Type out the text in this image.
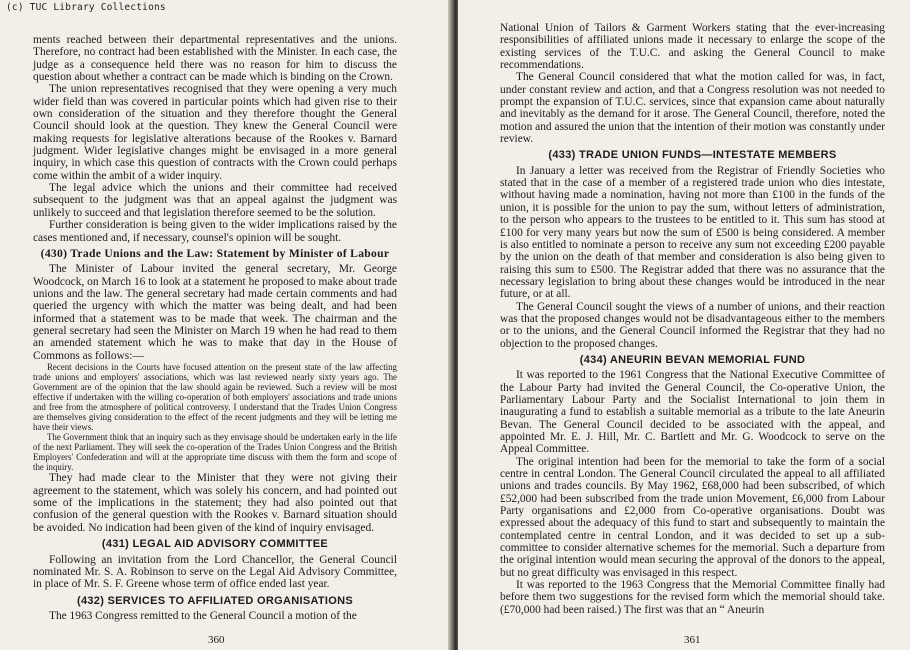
(c) TUC Library Collections

ments reached between their departmental representatives and the unions. Therefore, no contract had been established with the Minister. In each case, the judge as a consequence held there was no reason for him to discuss the question about whether a contract can be made which is binding on the Crown.

The union representatives recognised that they were opening a very much wider field than was covered in particular points which had given rise to their own consideration of the situation and they therefore thought the General Council should look at the question. They knew the General Council were making requests for legislative alterations because of the Rookes v. Barnard judgment. Wider legislative changes might be envisaged in a more general inquiry, in which case this question of contracts with the Crown could perhaps come within the ambit of a wider inquiry.

The legal advice which the unions and their committee had received subsequent to the judgment was that an appeal against the judgment was unlikely to succeed and that legislation therefore seemed to be the solution.

Further consideration is being given to the wider implications raised by the cases mentioned and, if necessary, counsel's opinion will be sought.

(430) Trade Unions and the Law: Statement by Minister of Labour

The Minister of Labour invited the general secretary, Mr. George Woodcock, on March 16 to look at a statement he proposed to make about trade unions and the law. The general secretary had made certain comments and had queried the urgency with which the matter was being dealt, and had been informed that a statement was to be made that week. The chairman and the general secretary had seen the Minister on March 19 when he had read to them an amended statement which he was to make that day in the House of Commons as follows:—

Recent decisions in the Courts have focused attention on the present state of the law affecting trade unions and employers' associations, which was last reviewed nearly sixty years ago. The Government are of the opinion that the law should again be reviewed. Such a review will be most effective if undertaken with the willing co-operation of both employers' associations and trade unions and free from the atmosphere of political controversy. I understand that the Trades Union Congress are themselves giving consideration to the effect of the recent judgments and they will be letting me have their views.

The Government think that an inquiry such as they envisage should be undertaken early in the life of the next Parliament. They will seek the co-operation of the Trades Union Congress and the British Employers' Confederation and will at the appropriate time discuss with them the form and scope of the inquiry.

They had made clear to the Minister that they were not giving their agreement to the statement, which was solely his concern, and had pointed out some of the implications in the statement; they had also pointed out that confusion of the general question with the Rookes v. Barnard situation should be avoided. No indication had been given of the kind of inquiry envisaged.

(431) LEGAL AID ADVISORY COMMITTEE

Following an invitation from the Lord Chancellor, the General Council nominated Mr. S. A. Robinson to serve on the Legal Aid Advisory Committee, in place of Mr. S. F. Greene whose term of office ended last year.

(432) SERVICES TO AFFILIATED ORGANISATIONS

The 1963 Congress remitted to the General Council a motion of the

360

National Union of Tailors & Garment Workers stating that the ever-increasing responsibilities of affiliated unions made it necessary to enlarge the scope of the existing services of the T.U.C. and asking the General Council to make recommendations.

The General Council considered that what the motion called for was, in fact, under constant review and action, and that a Congress resolution was not needed to prompt the expansion of T.U.C. services, since that expansion came about naturally and inevitably as the demand for it arose. The General Council, therefore, noted the motion and assured the union that the intention of their motion was constantly under review.

(433) TRADE UNION FUNDS—INTESTATE MEMBERS

In January a letter was received from the Registrar of Friendly Societies who stated that in the case of a member of a registered trade union who dies intestate, without having made a nomination, having not more than £100 in the funds of the union, it is possible for the union to pay the sum, without letters of administration, to the person who appears to the trustees to be entitled to it. This sum has stood at £100 for very many years but now the sum of £500 is being considered. A member is also entitled to nominate a person to receive any sum not exceeding £200 payable by the union on the death of that member and consideration is also being given to raising this sum to £500. The Registrar added that there was no assurance that the necessary legislation to bring about these changes would be introduced in the near future, or at all.

The General Council sought the views of a number of unions, and their reaction was that the proposed changes would not be disadvantageous either to the members or to the unions, and the General Council informed the Registrar that they had no objection to the proposed changes.

(434) ANEURIN BEVAN MEMORIAL FUND

It was reported to the 1961 Congress that the National Executive Committee of the Labour Party had invited the General Council, the Co-operative Union, the Parliamentary Labour Party and the Socialist International to join them in inaugurating a fund to establish a suitable memorial as a tribute to the late Aneurin Bevan. The General Council decided to be associated with the appeal, and appointed Mr. E. J. Hill, Mr. C. Bartlett and Mr. G. Woodcock to serve on the Appeal Committee.

The original intention had been for the memorial to take the form of a social centre in central London. The General Council circulated the appeal to all affiliated unions and trades councils. By May 1962, £68,000 had been subscribed, of which £52,000 had been subscribed from the trade union Movement, £6,000 from Labour Party organisations and £2,000 from Co-operative organisations. Doubt was expressed about the adequacy of this fund to start and subsequently to maintain the contemplated centre in central London, and it was decided to set up a sub-committee to consider alternative schemes for the memorial. Such a departure from the original intention would mean securing the approval of the donors to the appeal, but no great difficulty was envisaged in this respect.

It was reported to the 1963 Congress that the Memorial Committee finally had before them two suggestions for the revised form which the memorial should take. (£70,000 had been raised.) The first was that an “ Aneurin

361
